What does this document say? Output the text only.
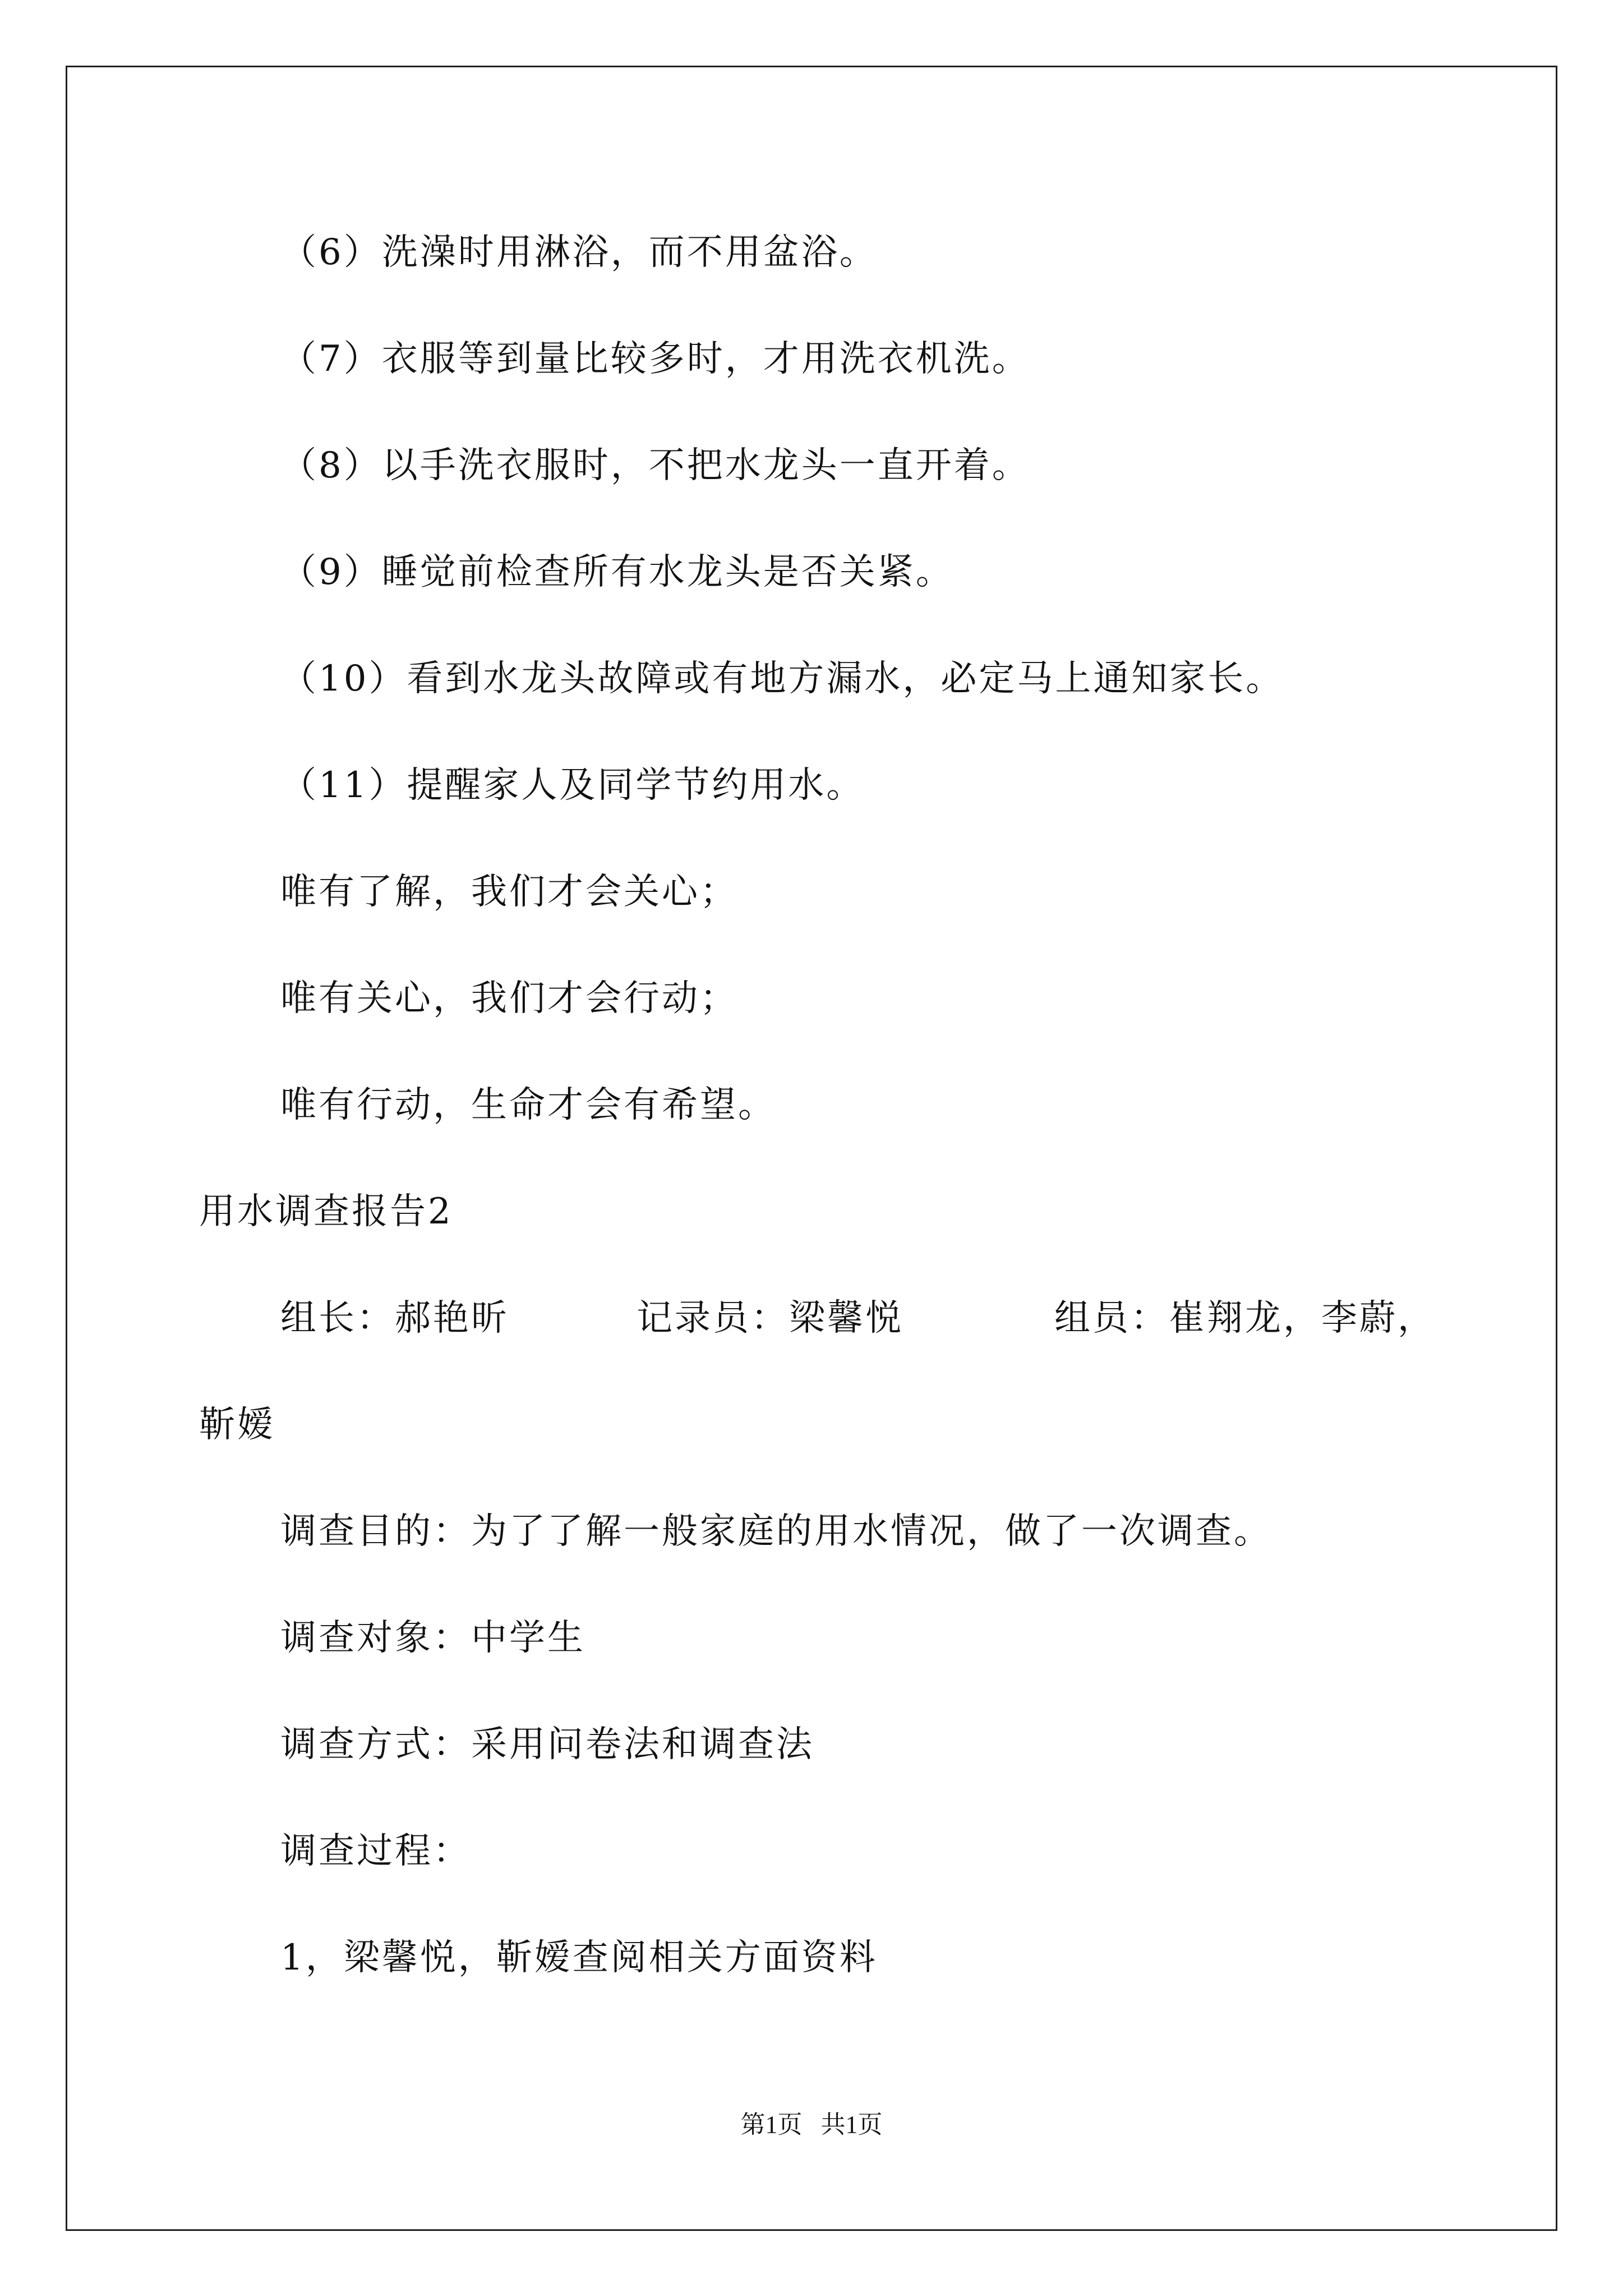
（6）洗澡时用淋浴，而不用盆浴。
（7）衣服等到量比较多时，才用洗衣机洗。
（8）以手洗衣服时，不把水龙头一直开着。
（9）睡觉前检查所有水龙头是否关紧。
（10）看到水龙头故障或有地方漏水，必定马上通知家长。
（11）提醒家人及同学节约用水。
唯有了解，我们才会关心；
唯有关心，我们才会行动；
唯有行动，生命才会有希望。
用水调查报告2
组长：郝艳昕	记录员：梁馨悦	组员：崔翔龙，李蔚，
靳嫒
调查目的：为了了解一般家庭的用水情况，做了一次调查。
调查对象：中学生
调查方式：采用问卷法和调查法
调查过程：
1，梁馨悦，靳嫒查阅相关方面资料
第1页   共1页
